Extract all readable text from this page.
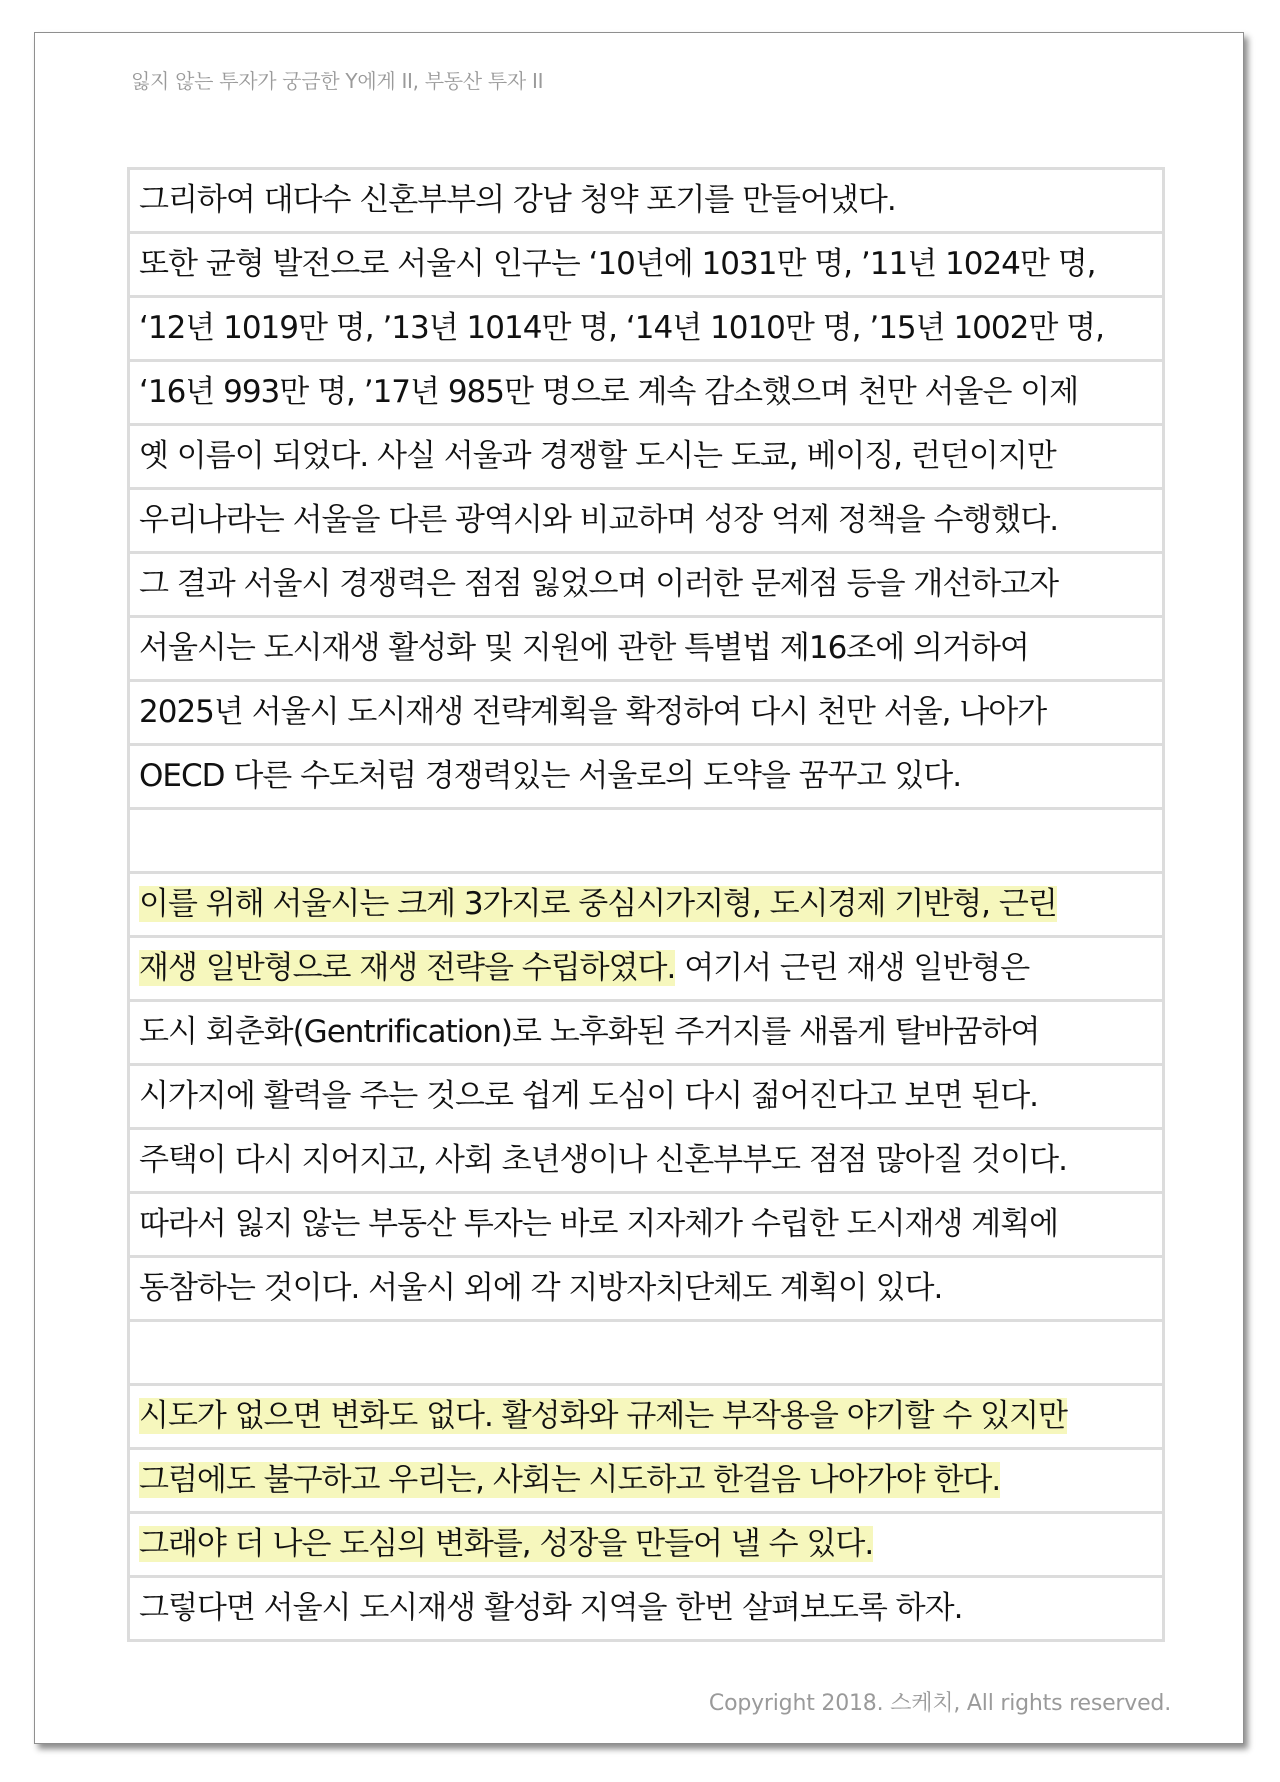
잃지 않는 투자가 궁금한 Y에게 II, 부동산 투자 II
그리하여 대다수 신혼부부의 강남 청약 포기를 만들어냈다.
또한 균형 발전으로 서울시 인구는 ‘10년에 1031만 명, ’11년 1024만 명,
‘12년 1019만 명, ’13년 1014만 명, ‘14년 1010만 명, ’15년 1002만 명,
‘16년 993만 명, ’17년 985만 명으로 계속 감소했으며 천만 서울은 이제
옛 이름이 되었다. 사실 서울과 경쟁할 도시는 도쿄, 베이징, 런던이지만
우리나라는 서울을 다른 광역시와 비교하며 성장 억제 정책을 수행했다.
그 결과 서울시 경쟁력은 점점 잃었으며 이러한 문제점 등을 개선하고자
서울시는 도시재생 활성화 및 지원에 관한 특별법 제16조에 의거하여
2025년 서울시 도시재생 전략계획을 확정하여 다시 천만 서울, 나아가
OECD 다른 수도처럼 경쟁력있는 서울로의 도약을 꿈꾸고 있다.
이를 위해 서울시는 크게 3가지로 중심시가지형, 도시경제 기반형, 근린
재생 일반형으로 재생 전략을 수립하였다. 여기서 근린 재생 일반형은
도시 회춘화(Gentrification)로 노후화된 주거지를 새롭게 탈바꿈하여
시가지에 활력을 주는 것으로 쉽게 도심이 다시 젊어진다고 보면 된다.
주택이 다시 지어지고, 사회 초년생이나 신혼부부도 점점 많아질 것이다.
따라서 잃지 않는 부동산 투자는 바로 지자체가 수립한 도시재생 계획에
동참하는 것이다. 서울시 외에 각 지방자치단체도 계획이 있다.
시도가 없으면 변화도 없다. 활성화와 규제는 부작용을 야기할 수 있지만
그럼에도 불구하고 우리는, 사회는 시도하고 한걸음 나아가야 한다.
그래야 더 나은 도심의 변화를, 성장을 만들어 낼 수 있다.
그렇다면 서울시 도시재생 활성화 지역을 한번 살펴보도록 하자.
Copyright 2018. 스케치, All rights reserved.
